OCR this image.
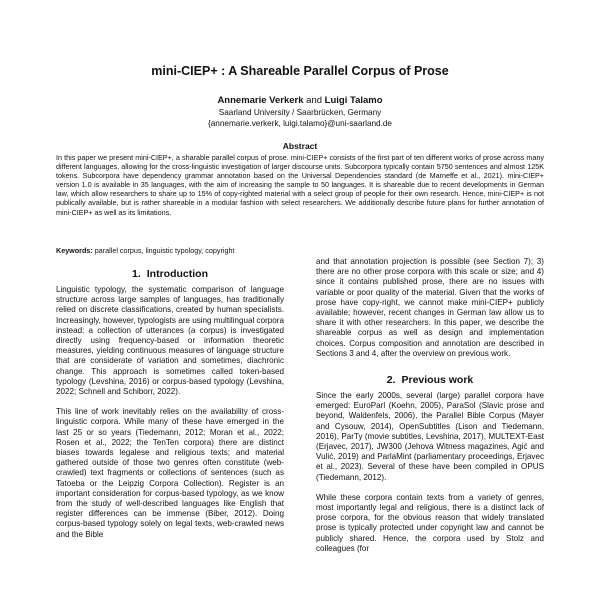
mini-CIEP+ : A Shareable Parallel Corpus of Prose
Annemarie Verkerk and Luigi Talamo
Saarland University / Saarbrücken, Germany
{annemarie.verkerk, luigi.talamo}@uni-saarland.de
Abstract
In this paper we present mini-CIEP+, a sharable parallel corpus of prose. mini-CIEP+ consists of the first part of ten different works of prose across many different languages, allowing for the cross-linguistic investigation of larger discourse units. Subcorpora typically contain 5750 sentences and almost 125K tokens. Subcorpora have dependency grammar annotation based on the Universal Dependencies standard (de Marneffe et al., 2021). mini-CIEP+ version 1.0 is available in 35 languages, with the aim of increasing the sample to 50 languages. It is shareable due to recent developments in German law, which allow researchers to share up to 15% of copy-righted material with a select group of people for their own research. Hence, mini-CIEP+ is not publically available, but is rather shareable in a modular fashion with select researchers. We additionally describe future plans for further annotation of mini-CIEP+ as well as its limitations.
Keywords: parallel corpus, linguistic typology, copyright
1. Introduction

Linguistic typology, the systematic comparison of language structure across large samples of languages, has traditionally relied on discrete classifications, created by human specialists. Increasingly, however, typologists are using multilingual corpora instead: a collection of utterances (a corpus) is investigated directly using frequency-based or information theoretic measures, yielding continuous measures of language structure that are considerate of variation and sometimes, diachronic change. This approach is sometimes called token-based typology (Levshina, 2016) or corpus-based typology (Levshina, 2022; Schnell and Schiborr, 2022).

This line of work inevitably relies on the availability of cross-linguistic corpora. While many of these have emerged in the last 25 or so years (Tiedemann, 2012; Moran et al., 2022; Rosen et al., 2022; the TenTen corpora) there are distinct biases towards legalese and religious texts; and material gathered outside of those two genres often constitute (web-crawled) text fragments or collections of sentences (such as Tatoeba or the Leipzig Corpora Collection). Register is an important consideration for corpus-based typology, as we know from the study of well-described languages like English that register differences can be immense (Biber, 2012). Doing corpus-based typology solely on legal texts, web-crawled news and the Bible

and that annotation projection is possible (see Section 7); 3) there are no other prose corpora with this scale or size; and 4) since it contains published prose, there are no issues with variable or poor quality of the material. Given that the works of prose have copy-right, we cannot make mini-CIEP+ publicly available; however, recent changes in German law allow us to share it with other researchers. In this paper, we describe the shareable corpus as well as design and implementation choices. Corpus composition and annotation are described in Sections 3 and 4, after the overview on previous work.

2. Previous work

Since the early 2000s, several (large) parallel corpora have emerged: EuroParl (Koehn, 2005), ParaSol (Slavic prose and beyond, Waldenfels, 2006), the Parallel Bible Corpus (Mayer and Cysouw, 2014), OpenSubtitles (Lison and Tiedemann, 2016), ParTy (movie subtitles, Levshina, 2017), MULTEXT-East (Erjavec, 2017), JW300 (Jehova Witness magazines, Agić and Vulić, 2019) and ParlaMint (parliamentary proceedings, Erjavec et al., 2023). Several of these have been compiled in OPUS (Tiedemann, 2012).

While these corpora contain texts from a variety of genres, most importantly legal and religious, there is a distinct lack of prose corpora, for the obvious reason that widely translated prose is typically protected under copyright law and cannot be publicly shared. Hence, the corpora used by Stolz and colleagues (for
